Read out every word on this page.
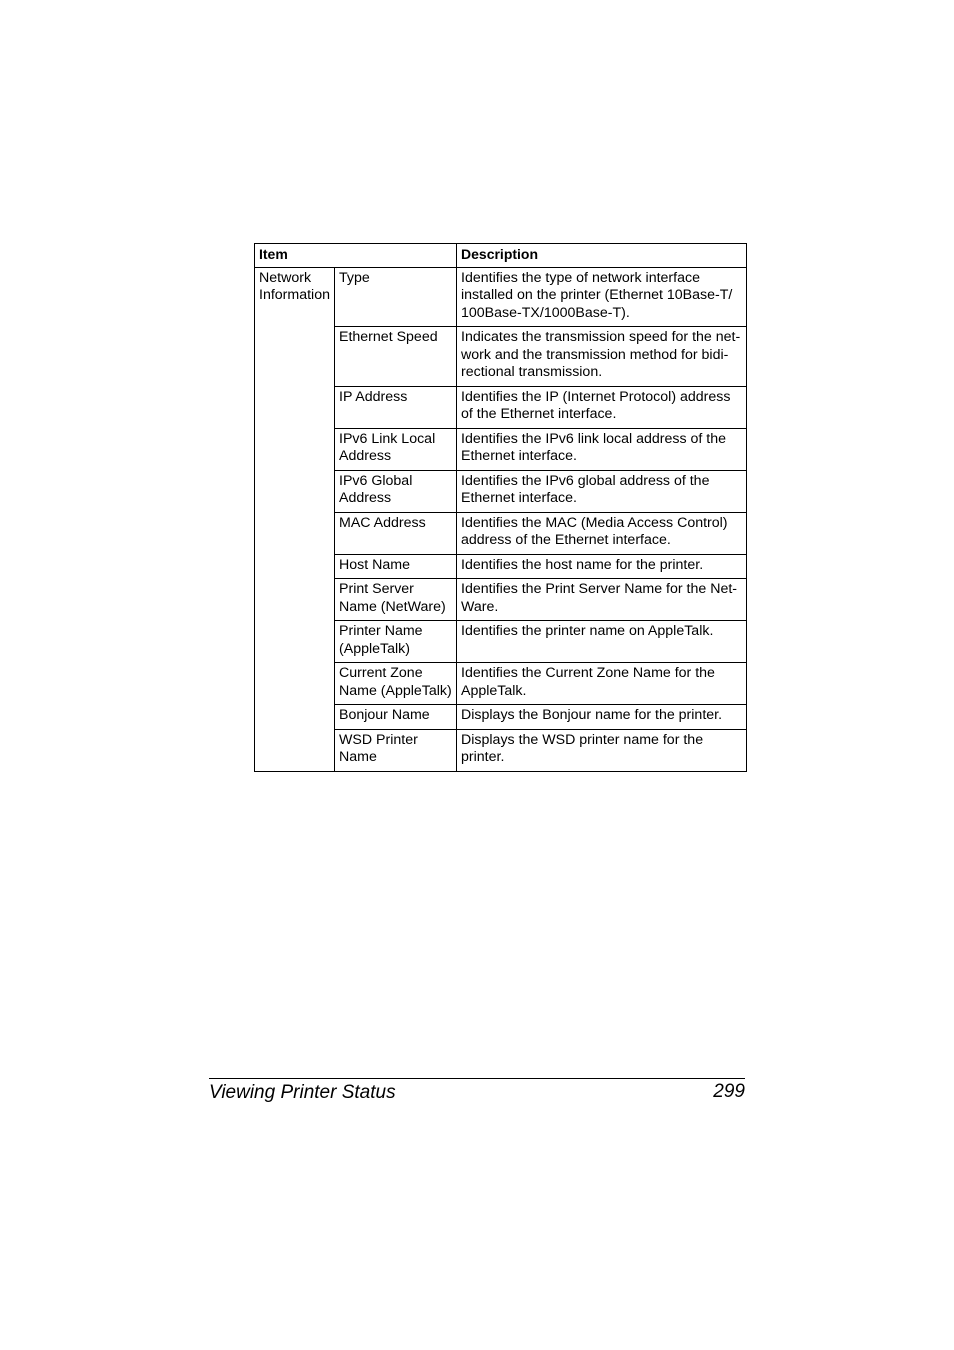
Item		Description
Network Information	Type	Identifies the type of network interface installed on the printer (Ethernet 10Base-T/ 100Base-TX/1000Base-T).
	Ethernet Speed	Indicates the transmission speed for the net- work and the transmission method for bidi- rectional transmission.
	IP Address	Identifies the IP (Internet Protocol) address of the Ethernet interface.
	IPv6 Link Local Address	Identifies the IPv6 link local address of the Ethernet interface.
	IPv6 Global Address	Identifies the IPv6 global address of the Ethernet interface.
	MAC Address	Identifies the MAC (Media Access Control) address of the Ethernet interface.
	Host Name	Identifies the host name for the printer.
	Print Server Name (NetWare)	Identifies the Print Server Name for the Net- Ware.
	Printer Name (AppleTalk)	Identifies the printer name on AppleTalk.
	Current Zone Name (AppleTalk)	Identifies the Current Zone Name for the AppleTalk.
	Bonjour Name	Displays the Bonjour name for the printer.
	WSD Printer Name	Displays the WSD printer name for the printer.
Viewing Printer Status	299
